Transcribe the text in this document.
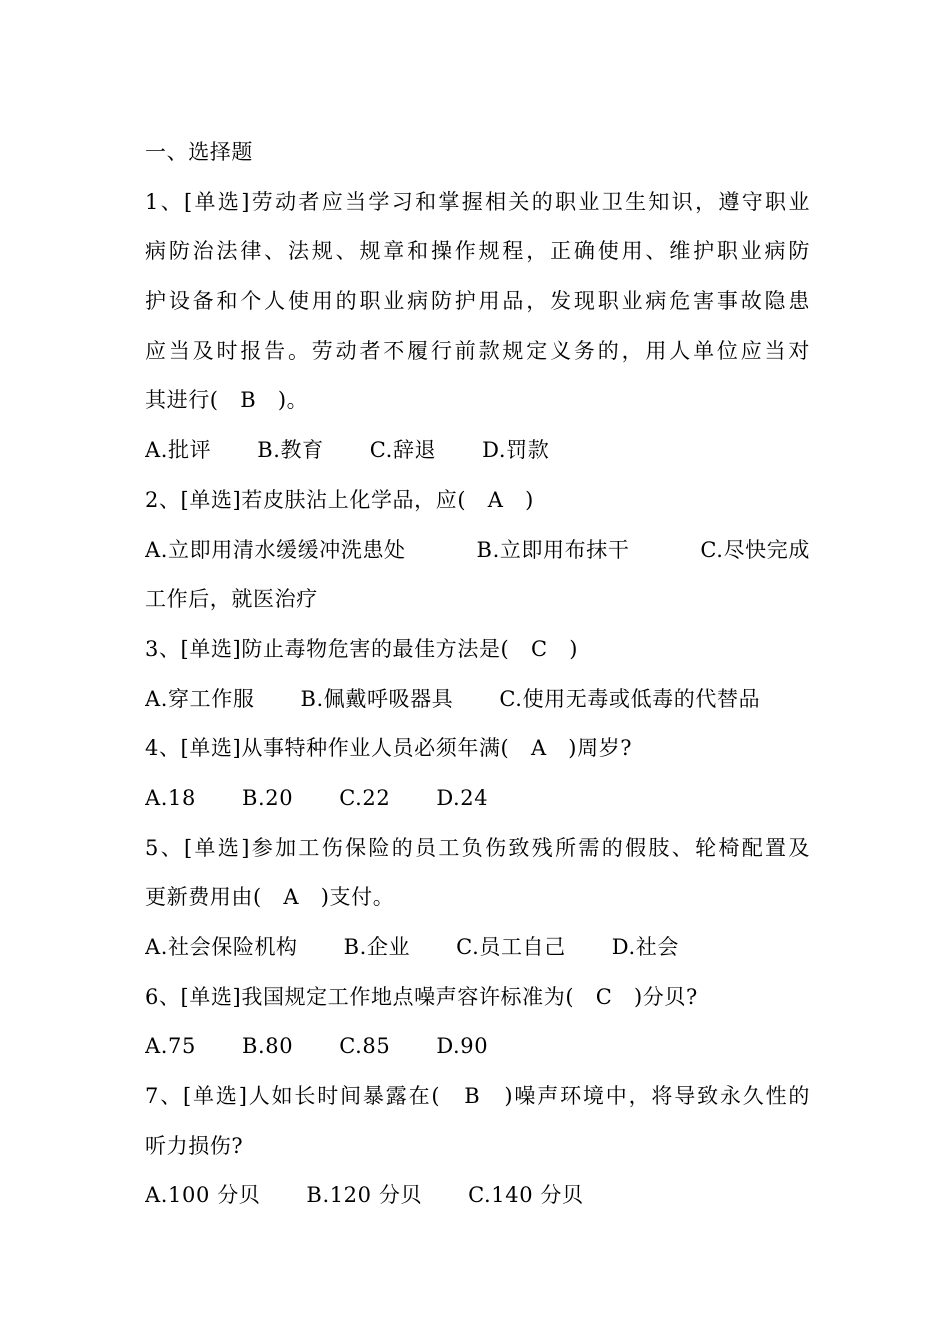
一、选择题
1、[单选]劳动者应当学习和掌握相关的职业卫生知识，遵守职业
病防治法律、法规、规章和操作规程，正确使用、维护职业病防
护设备和个人使用的职业病防护用品，发现职业病危害事故隐患
应当及时报告。劳动者不履行前款规定义务的，用人单位应当对
其进行(　B　)。
A.批评 B.教育 C.辞退 D.罚款
2、[单选]若皮肤沾上化学品，应(　A　)
A.立即用清水缓缓冲洗患处	B.立即用布抹干	C.尽快完成
工作后，就医治疗
3、[单选]防止毒物危害的最佳方法是(　C　)
A.穿工作服 B.佩戴呼吸器具 C.使用无毒或低毒的代替品
4、[单选]从事特种作业人员必须年满(　A　)周岁?
A.18 B.20 C.22 D.24
5、[单选]参加工伤保险的员工负伤致残所需的假肢、轮椅配置及
更新费用由(　A　)支付。
A.社会保险机构 B.企业 C.员工自己 D.社会
6、[单选]我国规定工作地点噪声容许标准为(　C　)分贝?
A.75 B.80 C.85 D.90
7、[单选]人如长时间暴露在(　B　)噪声环境中，将导致永久性的
听力损伤?
A.100 分贝 B.120 分贝 C.140 分贝
